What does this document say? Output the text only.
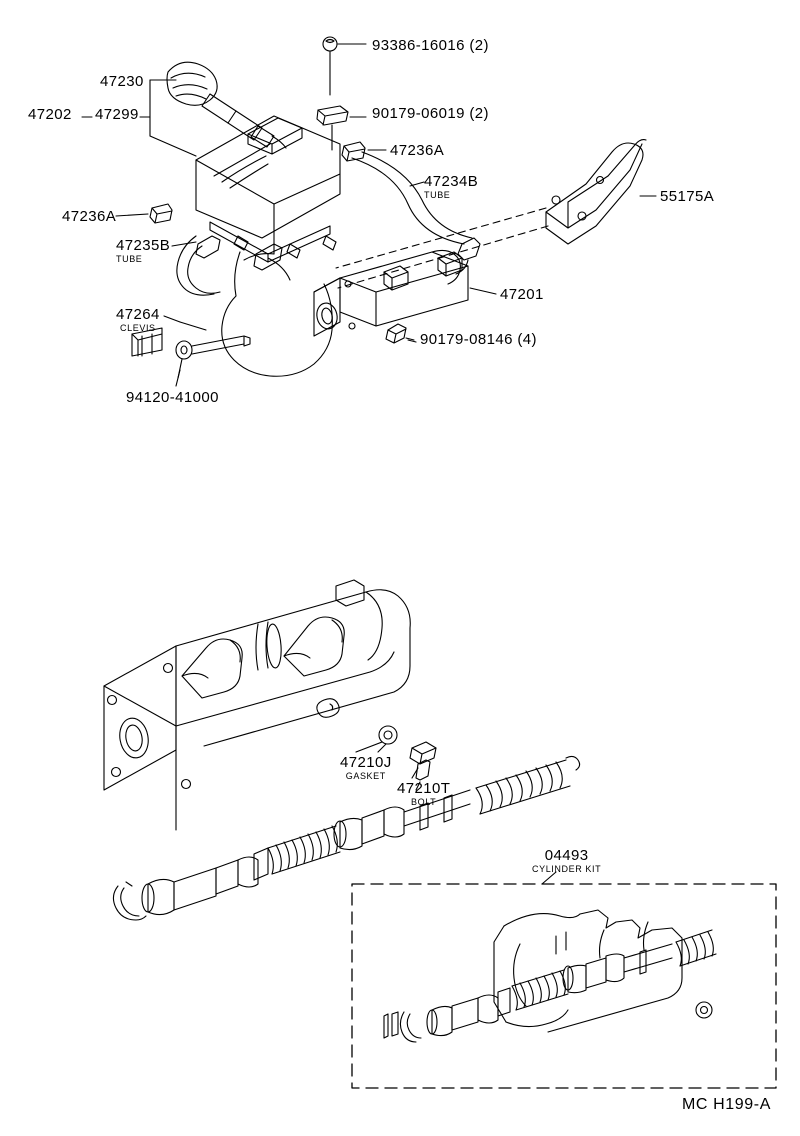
93386-16016 (2)
47230
90179-06019 (2)
47202 47299
47236A
47234B
TUBE	55175A
47236A
47235B
TUBE
47201
47264
CLEVIS
90179-08146 (4)
94120-41000
47210J
GASKET
47210T
BOLT
04493
CYLINDER KIT
MC H199-A
